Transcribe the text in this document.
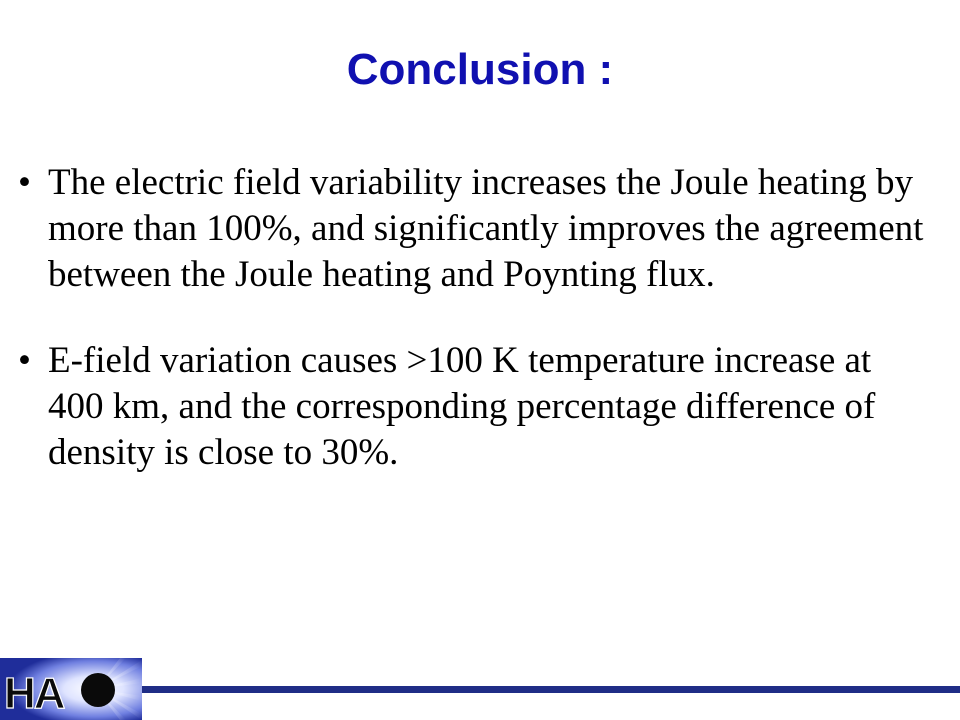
Conclusion :
• The electric field variability increases the Joule heating by more than 100%, and significantly improves the agreement between the Joule heating and Poynting flux.
• E-field variation causes >100 K temperature increase at 400 km, and the corresponding percentage difference of density is close to 30%.
HA
